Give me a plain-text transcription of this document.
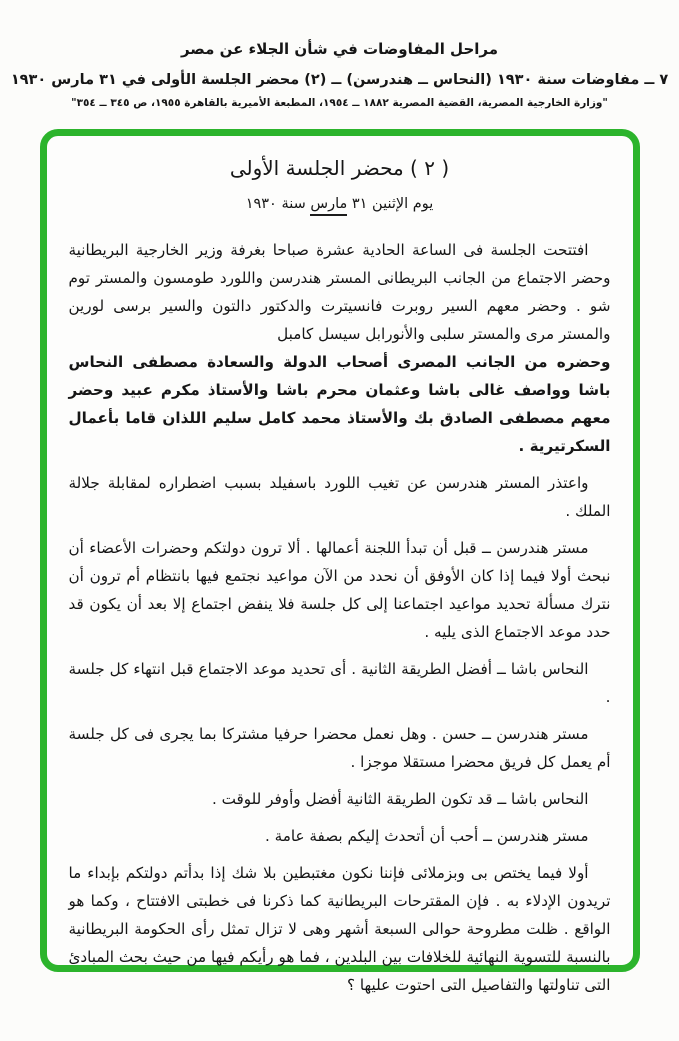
مراحل المفاوضات في شأن الجلاء عن مصر
٧ ــ مفاوضات سنة ١٩٣٠ (النحاس ــ هندرسن) ــ (٢) محضر الجلسة الأولى في ٣١ مارس ١٩٣٠
"وزارة الخارجية المصرية، القضية المصرية ١٨٨٢ ــ ١٩٥٤، المطبعة الأميرية بالقاهرة ١٩٥٥، ص ٣٤٥ ــ ٣٥٤"
( ٢ ) محضر الجلسة الأولى
يوم الإثنين ٣١ مارس سنة ١٩٣٠

افتتحت الجلسة فى الساعة الحادية عشرة صباحا بغرفة وزير الخارجية البريطانية وحضر الاجتماع من الجانب البريطانى المستر هندرسن واللورد طومسون والمستر توم شو . وحضر معهم السير روبرت فانسيترت والدكتور دالتون والسير برسى لورين والمستر مرى والمستر سلبى والأنورابل سيسل كامبل

وحضره من الجانب المصرى أصحاب الدولة والسعادة مصطفى النحاس باشا وواصف غالى باشا وعثمان محرم باشا والأستاذ مكرم عبيد وحضر معهم مصطفى الصادق بك والأستاذ محمد كامل سليم اللذان قاما بأعمال السكرتيرية .

واعتذر المستر هندرسن عن تغيب اللورد باسفيلد بسبب اضطراره لمقابلة جلالة الملك .

مستر هندرسن ــ قبل أن تبدأ اللجنة أعمالها . ألا ترون دولتكم وحضرات الأعضاء أن نبحث أولا فيما إذا كان الأوفق أن نحدد من الآن مواعيد نجتمع فيها بانتظام أم ترون أن نترك مسألة تحديد مواعيد اجتماعنا إلى كل جلسة فلا ينفض اجتماع إلا بعد أن يكون قد حدد موعد الاجتماع الذى يليه .

النحاس باشا ــ أفضل الطريقة الثانية . أى تحديد موعد الاجتماع قبل انتهاء كل جلسة .

مستر هندرسن ــ حسن . وهل نعمل محضرا حرفيا مشتركا بما يجرى فى كل جلسة أم يعمل كل فريق محضرا مستقلا موجزا .

النحاس باشا ــ قد تكون الطريقة الثانية أفضل وأوفر للوقت .

مستر هندرسن ــ أحب أن أتحدث إليكم بصفة عامة .

أولا فيما يختص بى وبزملائى فإننا نكون مغتبطين بلا شك إذا بدأتم دولتكم بإبداء ما تريدون الإدلاء به . فإن المقترحات البريطانية كما ذكرنا فى خطبتى الافتتاح ، وكما هو الواقع . ظلت مطروحة حوالى السبعة أشهر وهى لا تزال تمثل رأى الحكومة البريطانية بالنسبة للتسوية النهائية للخلافات بين البلدين ، فما هو رأيكم فيها من حيث بحث المبادئ التى تناولتها والتفاصيل التى احتوت عليها ؟
